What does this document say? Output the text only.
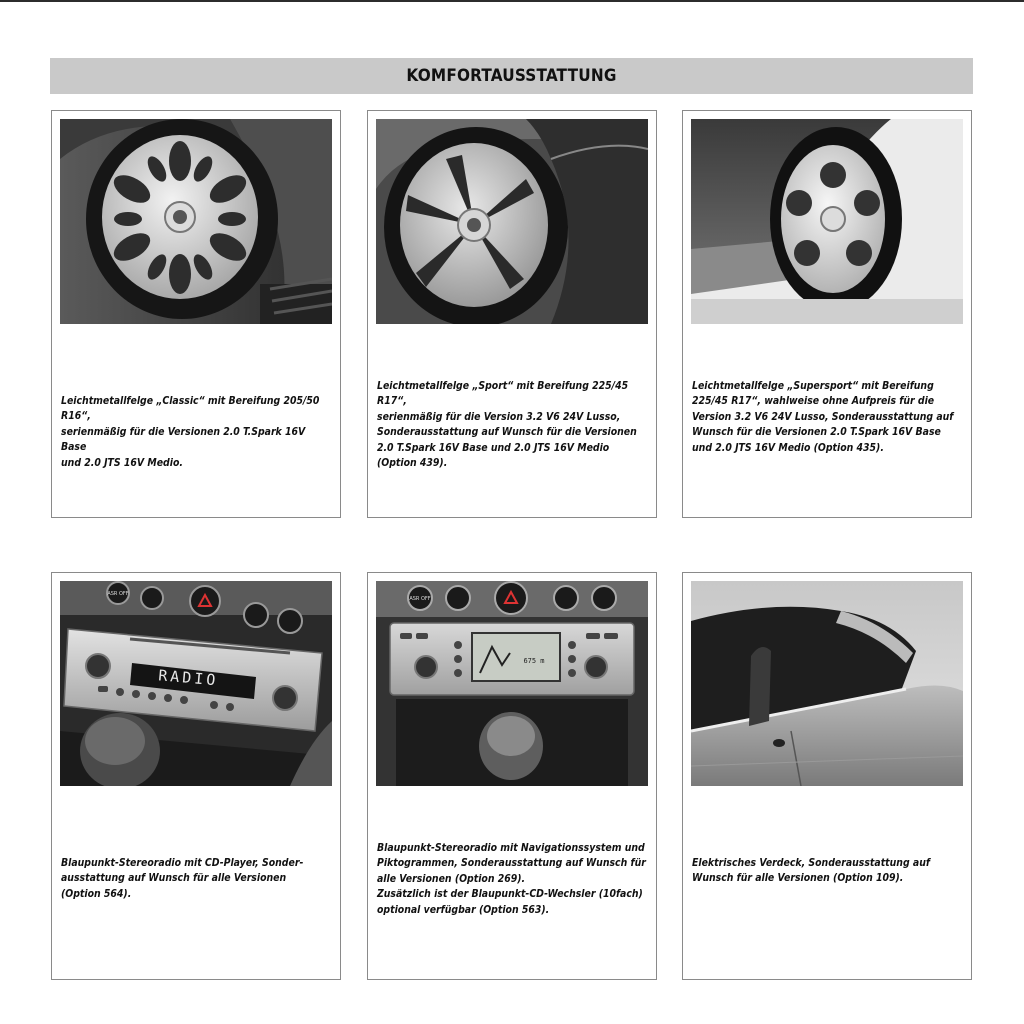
KOMFORTAUSSTATTUNG

Leichtmetallfelge „Classic“ mit Bereifung 205/50 R16“,

serienmäßig für die Versionen 2.0 T.Spark 16V Base

und 2.0 JTS 16V Medio.

Leichtmetallfelge „Sport“ mit Bereifung 225/45 R17“,

serienmäßig für die Version 3.2 V6 24V Lusso,

Sonderausstattung auf Wunsch für die Versionen

2.0 T.Spark 16V Base und 2.0 JTS 16V Medio

(Option 439).

Leichtmetallfelge „Supersport“ mit Bereifung

225/45 R17“, wahlweise ohne Aufpreis für die

Version 3.2 V6 24V Lusso, Sonderausstattung auf

Wunsch für die Versionen 2.0 T.Spark 16V Base

und 2.0 JTS 16V Medio (Option 435).

ASR OFF
RADIO

Blaupunkt-Stereoradio mit CD-Player, Sonder-

ausstattung auf Wunsch für alle Versionen

(Option 564).

ASR OFF
675 m

Blaupunkt-Stereoradio mit Navigationssystem und

Piktogrammen, Sonderausstattung auf Wunsch für

alle Versionen (Option 269).

Zusätzlich ist der Blaupunkt-CD-Wechsler (10fach)

optional verfügbar (Option 563).

Elektrisches Verdeck, Sonderausstattung auf

Wunsch für alle Versionen (Option 109).
